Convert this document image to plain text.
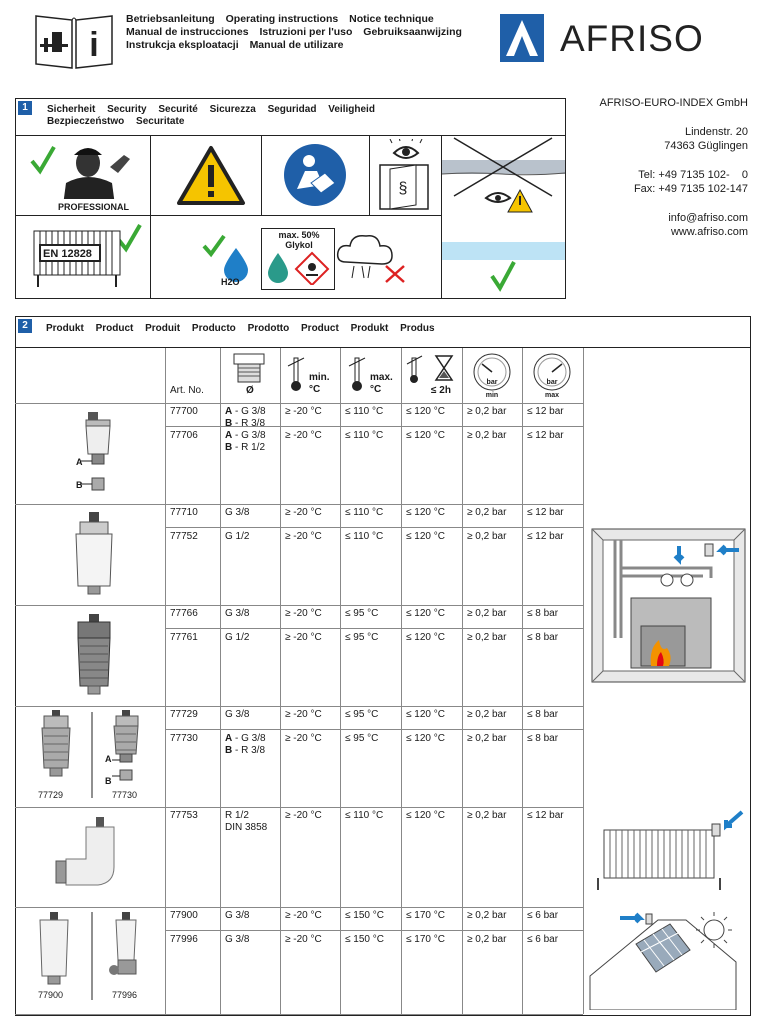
i
Betriebsanleitung Operating instructions Notice technique
Manual de instrucciones Istruzioni per l'uso Gebruiksaanwijzing
Instrukcja eksploatacji Manual de utilizare	AFRISO
1	Sicherheit Security Securité Sicurezza Seguridad Veiligheid
Bezpieczeństwo Securitate
PROFESSIONAL
§
EN 12828
H2O
max. 50% Glykol
AFRISO-EURO-INDEX GmbH
Lindenstr. 20
74363 Güglingen
Tel: +49 7135 102-    0
Fax: +49 7135 102-147
info@afriso.com
www.afriso.com
2	Produkt Product Produit Producto Prodotto Product Produkt Produs
Art. No.	Ø
min. °C
max. °C	≤ 2h
bar
min
bar
max
77700	A - G 3/8
B - R 3/8
≥ -20 °C	≤ 110 °C	≤ 120 °C	≥ 0,2 bar	≤ 12 bar
77706	A - G 3/8
B - R 1/2
≥ -20 °C	≤ 110 °C	≤ 120 °C	≥ 0,2 bar	≤ 12 bar
77710	G 3/8	≥ -20 °C	≤ 110 °C	≤ 120 °C	≥ 0,2 bar	≤ 12 bar
77752	G 1/2	≥ -20 °C	≤ 110 °C	≤ 120 °C	≥ 0,2 bar	≤ 12 bar
77766	G 3/8	≥ -20 °C	≤ 95 °C	≤ 120 °C	≥ 0,2 bar	≤ 8 bar
77761	G 1/2	≥ -20 °C	≤ 95 °C	≤ 120 °C	≥ 0,2 bar	≤ 8 bar
77729	G 3/8	≥ -20 °C	≤ 95 °C	≤ 120 °C	≥ 0,2 bar	≤ 8 bar
77730	A - G 3/8
B - R 3/8
≥ -20 °C	≤ 95 °C	≤ 120 °C	≥ 0,2 bar	≤ 8 bar
77753	R 1/2
DIN 3858
≥ -20 °C	≤ 110 °C	≤ 120 °C	≥ 0,2 bar	≤ 12 bar
77900	G 3/8	≥ -20 °C	≤ 150 °C	≤ 170 °C	≥ 0,2 bar	≤ 6 bar
77996	G 3/8	≥ -20 °C	≤ 150 °C	≤ 170 °C	≥ 0,2 bar	≤ 6 bar
A
B
A
B
77729	77730
77900	77996
